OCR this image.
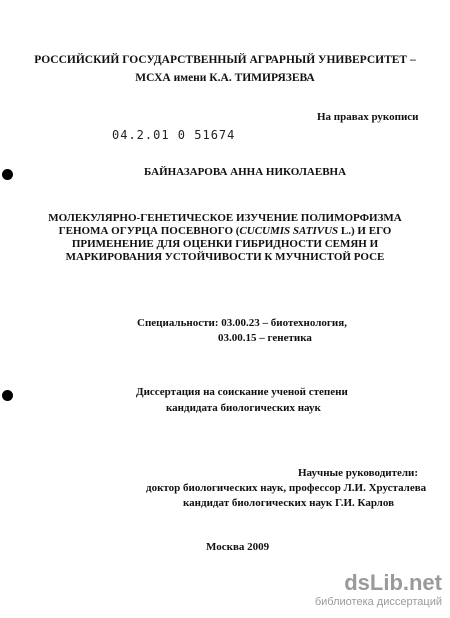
РОССИЙСКИЙ ГОСУДАРСТВЕННЫЙ АГРАРНЫЙ УНИВЕРСИТЕТ –
МСХА имени К.А. ТИМИРЯЗЕВА
На правах рукописи
04.2.01 0 51674
БАЙНАЗАРОВА АННА НИКОЛАЕВНА
МОЛЕКУЛЯРНО-ГЕНЕТИЧЕСКОЕ ИЗУЧЕНИЕ ПОЛИМОРФИЗМА
ГЕНОМА ОГУРЦА ПОСЕВНОГО (CUCUMIS SATIVUS L.) И ЕГО
ПРИМЕНЕНИЕ ДЛЯ ОЦЕНКИ ГИБРИДНОСТИ СЕМЯН И
МАРКИРОВАНИЯ УСТОЙЧИВОСТИ К МУЧНИСТОЙ РОСЕ
Специальности: 03.00.23 – биотехнология,
03.00.15 – генетика
Диссертация на соискание ученой степени
кандидата биологических наук
Научные руководители:
доктор биологических наук, профессор Л.И. Хрусталева
кандидат биологических наук Г.И. Карлов
Москва 2009
dsLib.net
библиотека диссертаций
